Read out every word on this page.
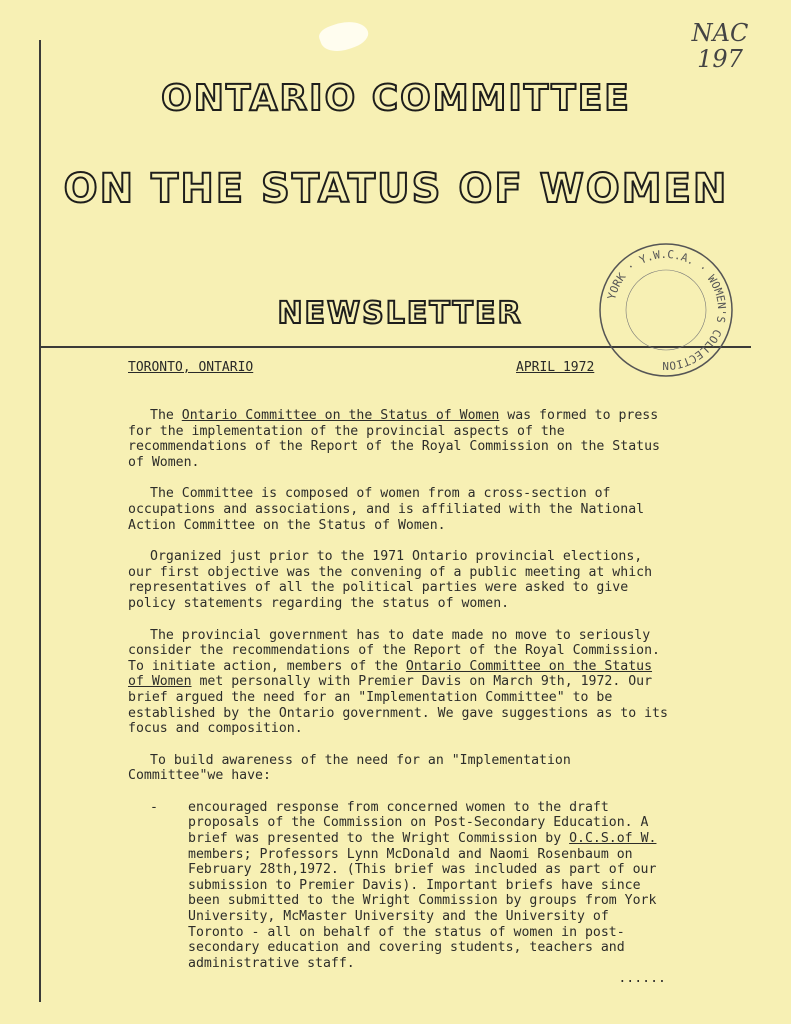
NAC
197
ONTARIO COMMITTEE
ON THE STATUS OF WOMEN
NEWSLETTER	YORK · Y.W.C.A. · WOMEN'S COLLECTION
TORONTO, ONTARIO	APRIL 1972

The Ontario Committee on the Status of Women was formed to press for the implementation of the provincial aspects of the recommendations of the Report of the Royal Commission on the Status of Women.

The Committee is composed of women from a cross-section of occupations and associations, and is affiliated with the National Action Committee on the Status of Women.

Organized just prior to the 1971 Ontario provincial elections, our first objective was the convening of a public meeting at which representatives of all the political parties were asked to give policy statements regarding the status of women.

The provincial government has to date made no move to seriously consider the recommendations of the Report of the Royal Commission. To initiate action, members of the Ontario Committee on the Status of Women met personally with Premier Davis on March 9th, 1972. Our brief argued the need for an "Implementation Committee" to be established by the Ontario government. We gave suggestions as to its focus and composition.

To build awareness of the need for an "Implementation Committee"we have:

-	encouraged response from concerned women to the draft proposals of the Commission on Post-Secondary Education. A brief was presented to the Wright Commission by O.C.S.of W. members; Professors Lynn McDonald and Naomi Rosenbaum on February 28th,1972. (This brief was included as part of our submission to Premier Davis). Important briefs have since been submitted to the Wright Commission by groups from York University, McMaster University and the University of Toronto - all on behalf of the status of women in post-secondary education and covering students, teachers and administrative staff.
......
